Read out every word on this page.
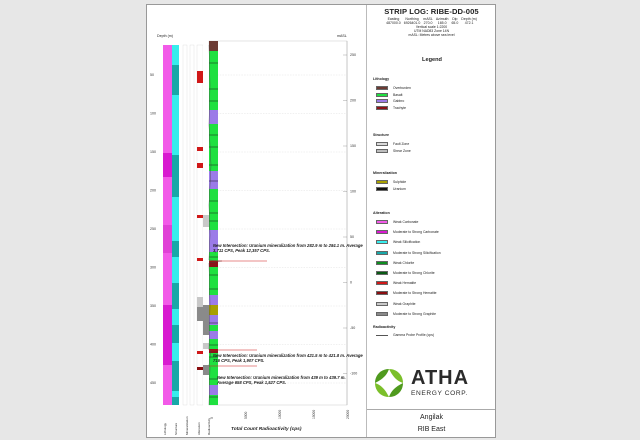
50
100
150
200
250
300
350
400
450
250
200
150
100
50
0
-50
-100
0	5000	10000	15000	20000
Depth (m)	mASL
New Intersection: Uranium mineralization from 282.9 m to 284.1 m. Average 3,711 CPS, Peak 12,357 CPS.
New Intersection: Uranium mineralization from 421.5 m to 421.8 m. Average 716 CPS, Peak 1,907 CPS.
New Intersection: Uranium mineralization from 439 m to 439.7 m. Average 658 CPS, Peak 1,527 CPS.
Lithology Structure Mineralization	Alteration Radioactivity	Total Count Radioactivity (cps)
STRIP LOG: RIBE-DD-005
Easting
487000.0
Northing
6926401.0
mASL
270.0
Azimuth
165.0
Dip
65.0
Depth (m)
472.1
Vertical scale 1:2200
UTM NAD83 Zone 14N
mASL: Metres above sea level
Legend
Lithology
Overburden
Basalt
Gabbro
Trachyte
Structure
Fault Zone
Shear Zone
Mineralization
Sulphide
Uranium
Alteration
Weak Carbonate
Moderate to Strong Carbonate
Weak Silicification
Moderate to Strong Silicification
Weak Chlorite
Moderate to Strong Chlorite
Weak Hematite
Moderate to Strong Hematite
Weak Graphite
Moderate to Strong Graphite
Radioactivity
Gamma Probe Profile (cps)
ATHA
ENERGY CORP.
Angilak
RIB East
